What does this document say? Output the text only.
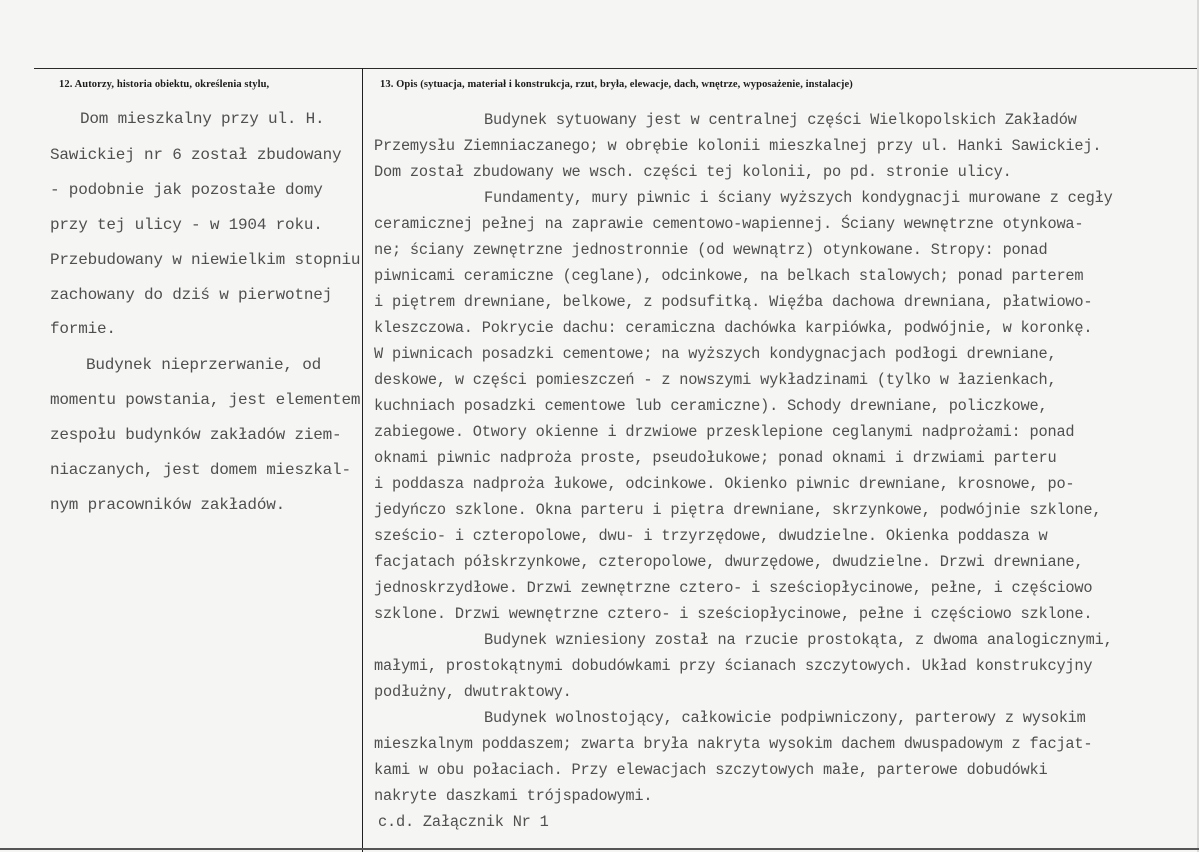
12. Autorzy, historia obiektu, określenia stylu,	13. Opis (sytuacja, materiał i konstrukcja, rzut, bryła, elewacje, dach, wnętrze, wyposażenie, instalacje)
Dom mieszkalny przy ul. H.
Sawickiej nr 6 został zbudowany
- podobnie jak pozostałe domy
przy tej ulicy - w 1904 roku.
Przebudowany w niewielkim stopniu
zachowany do dziś w pierwotnej
formie.
Budynek nieprzerwanie, od
momentu powstania, jest elementem
zespołu budynków zakładów ziem-
niaczanych, jest domem mieszkal-
nym pracowników zakładów.
Budynek sytuowany jest w centralnej części Wielkopolskich Zakładów
Przemysłu Ziemniaczanego; w obrębie kolonii mieszkalnej przy ul. Hanki Sawickiej.
Dom został zbudowany we wsch. części tej kolonii, po pd. stronie ulicy.
Fundamenty, mury piwnic i ściany wyższych kondygnacji murowane z cegły
ceramicznej pełnej na zaprawie cementowo-wapiennej. Ściany wewnętrzne otynkowa-
ne; ściany zewnętrzne jednostronnie (od wewnątrz) otynkowane. Stropy: ponad
piwnicami ceramiczne (ceglane), odcinkowe, na belkach stalowych; ponad parterem
i piętrem drewniane, belkowe, z podsufitką. Więźba dachowa drewniana, płatwiowo-
kleszczowa. Pokrycie dachu: ceramiczna dachówka karpiówka, podwójnie, w koronkę.
W piwnicach posadzki cementowe; na wyższych kondygnacjach podłogi drewniane,
deskowe, w części pomieszczeń - z nowszymi wykładzinami (tylko w łazienkach,
kuchniach posadzki cementowe lub ceramiczne). Schody drewniane, policzkowe,
zabiegowe. Otwory okienne i drzwiowe przesklepione ceglanymi nadprożami: ponad
oknami piwnic nadproża proste, pseudołukowe; ponad oknami i drzwiami parteru
i poddasza nadproża łukowe, odcinkowe. Okienko piwnic drewniane, krosnowe, po-
jedyńczo szklone. Okna parteru i piętra drewniane, skrzynkowe, podwójnie szklone,
sześcio- i czteropolowe, dwu- i trzyrzędowe, dwudzielne. Okienka poddasza w
facjatach półskrzynkowe, czteropolowe, dwurzędowe, dwudzielne. Drzwi drewniane,
jednoskrzydłowe. Drzwi zewnętrzne cztero- i sześciopłycinowe, pełne, i częściowo
szklone. Drzwi wewnętrzne cztero- i sześciopłycinowe, pełne i częściowo szklone.
Budynek wzniesiony został na rzucie prostokąta, z dwoma analogicznymi,
małymi, prostokątnymi dobudówkami przy ścianach szczytowych. Układ konstrukcyjny
podłużny, dwutraktowy.
Budynek wolnostojący, całkowicie podpiwniczony, parterowy z wysokim
mieszkalnym poddaszem; zwarta bryła nakryta wysokim dachem dwuspadowym z facjat-
kami w obu połaciach. Przy elewacjach szczytowych małe, parterowe dobudówki
nakryte daszkami trójspadowymi.
c.d. Załącznik Nr 1
